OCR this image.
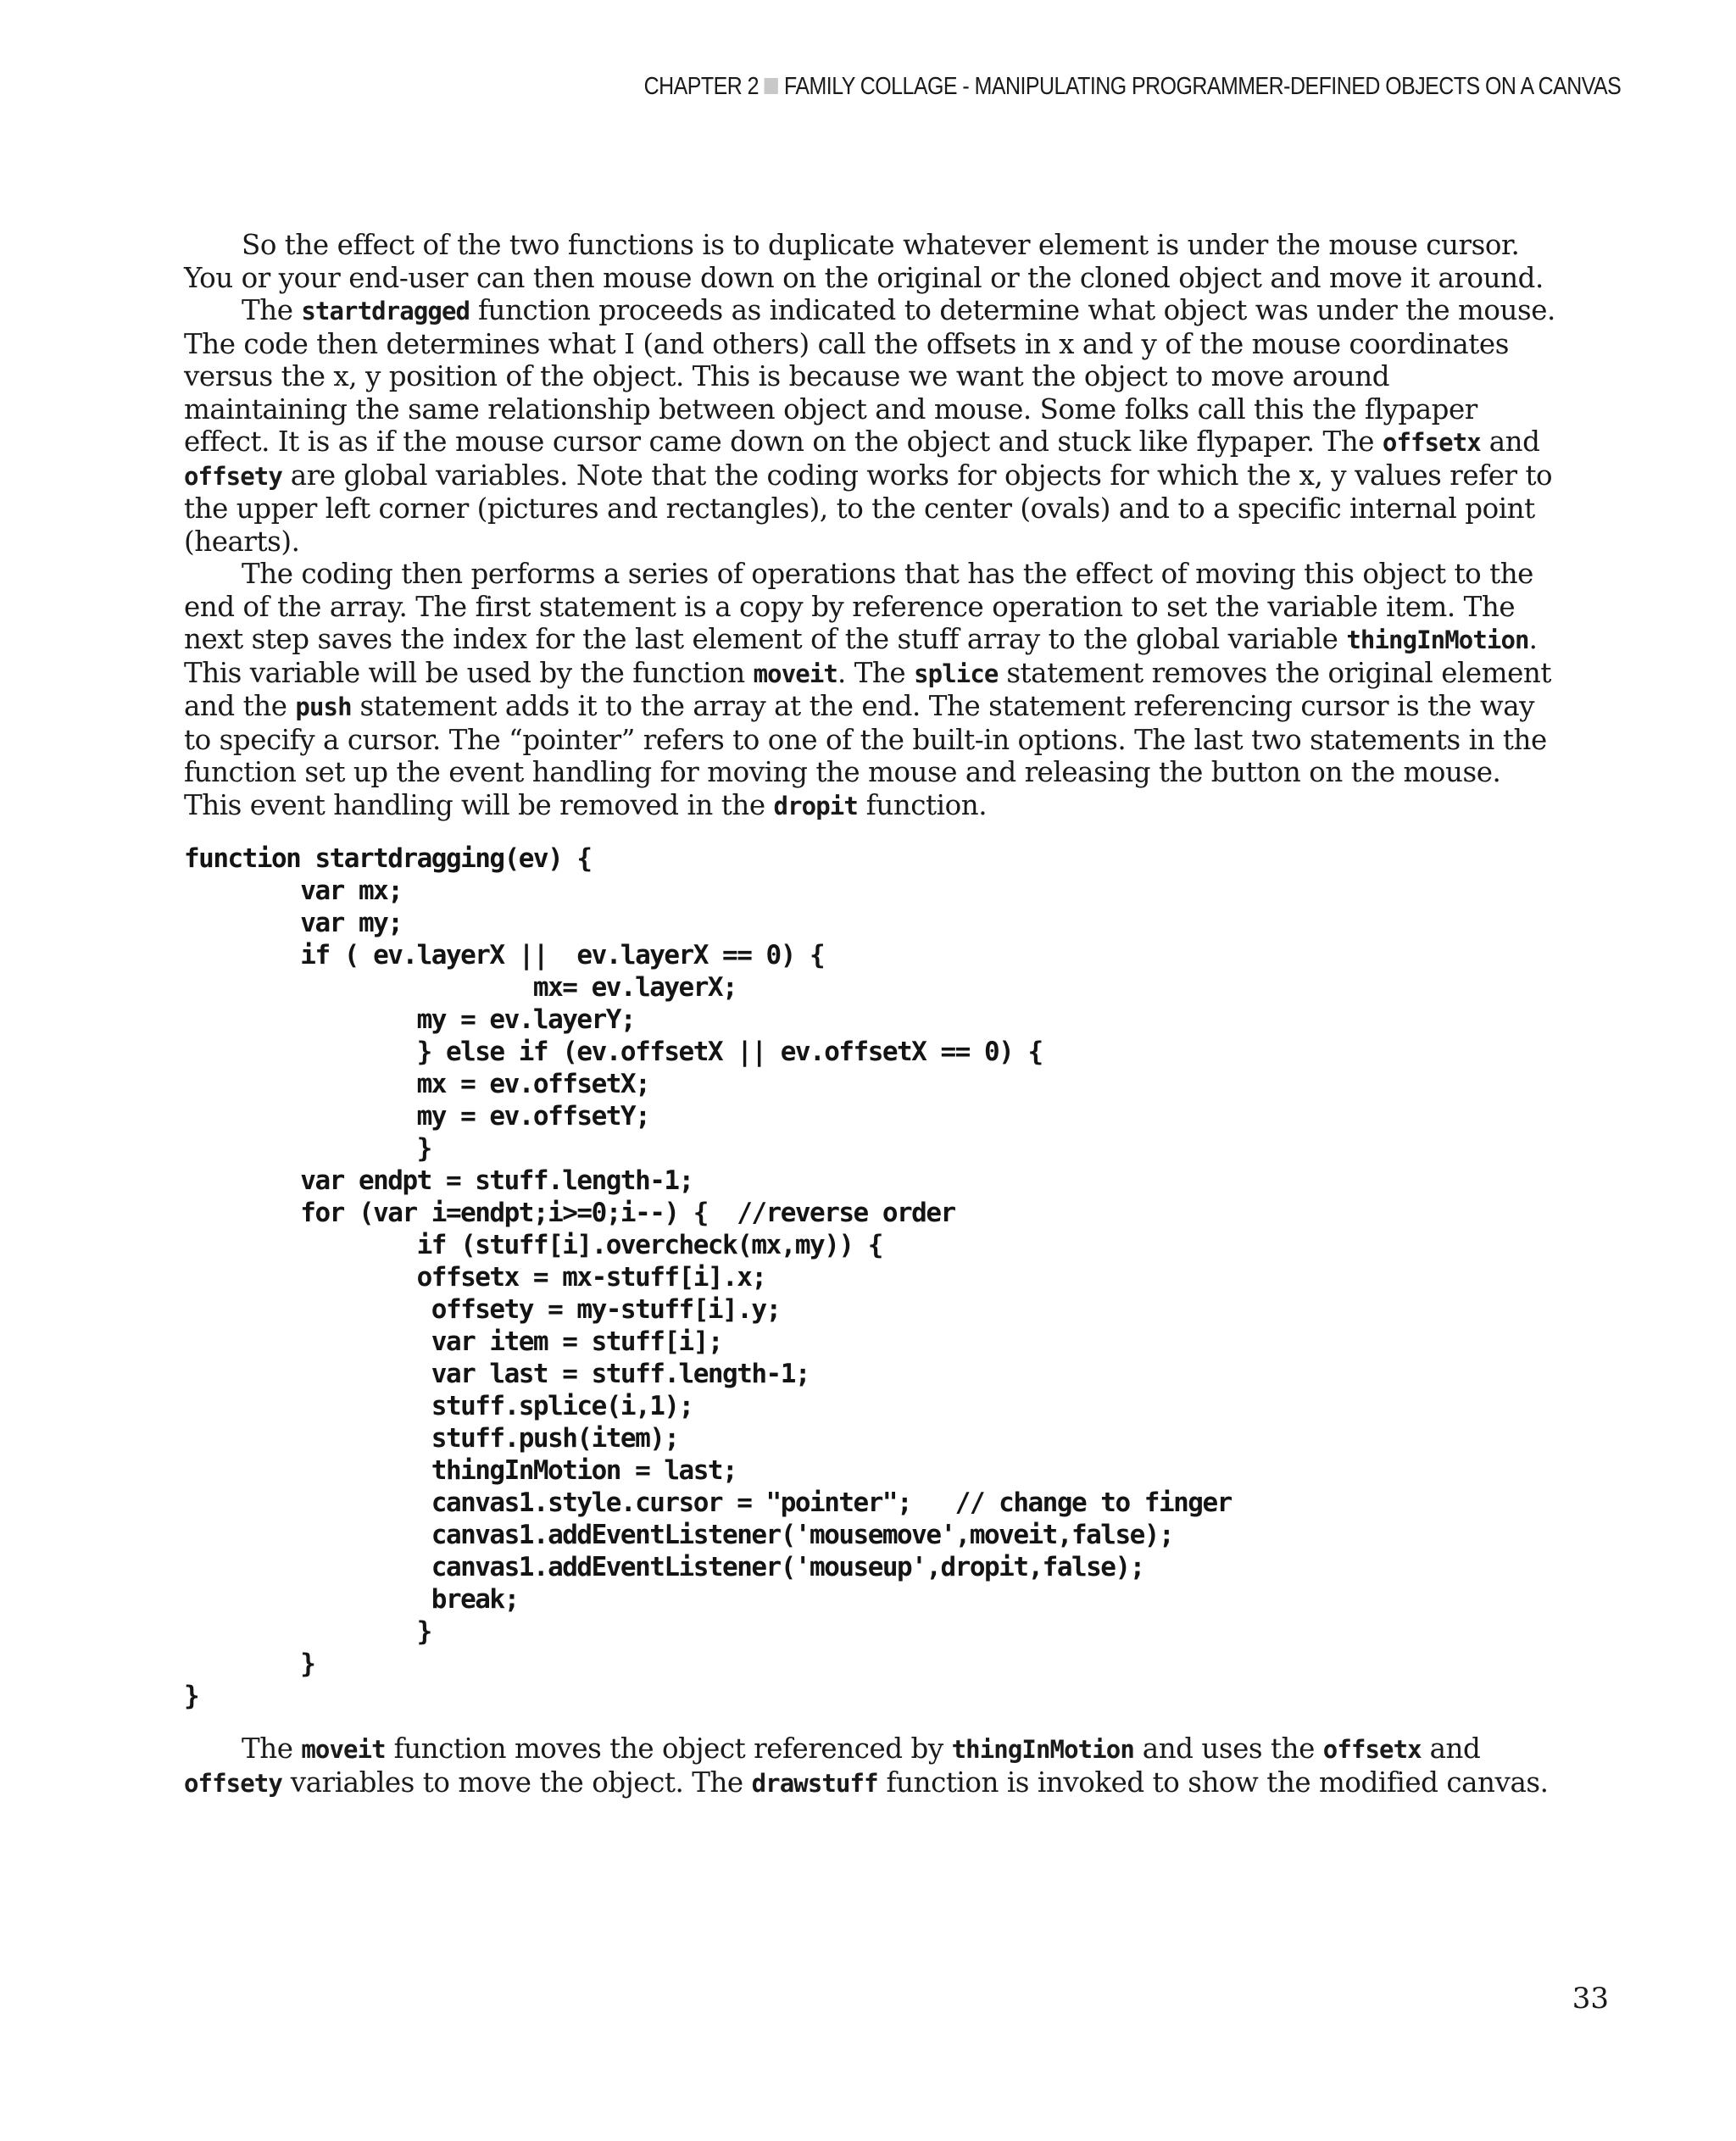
CHAPTER 2 FAMILY COLLAGE - MANIPULATING PROGRAMMER-DEFINED OBJECTS ON A CANVAS

So the effect of the two functions is to duplicate whatever element is under the mouse cursor. You or your end-user can then mouse down on the original or the cloned object and move it around.

The startdragged function proceeds as indicated to determine what object was under the mouse. The code then determines what I (and others) call the offsets in x and y of the mouse coordinates versus the x, y position of the object. This is because we want the object to move around maintaining the same relationship between object and mouse. Some folks call this the flypaper effect. It is as if the mouse cursor came down on the object and stuck like flypaper. The offsetx and offsety are global variables. Note that the coding works for objects for which the x, y values refer to the upper left corner (pictures and rectangles), to the center (ovals) and to a specific internal point (hearts).

The coding then performs a series of operations that has the effect of moving this object to the end of the array. The first statement is a copy by reference operation to set the variable item. The next step saves the index for the last element of the stuff array to the global variable thingInMotion. This variable will be used by the function moveit. The splice statement removes the original element and the push statement adds it to the array at the end. The statement referencing cursor is the way to specify a cursor. The “pointer” refers to one of the built-in options. The last two statements in the function set up the event handling for moving the mouse and releasing the button on the mouse. This event handling will be removed in the dropit function.

function startdragging(ev) {
var mx;
var my;
if ( ev.layerX ||  ev.layerX == 0) {
mx= ev.layerX;
my = ev.layerY;
} else if (ev.offsetX || ev.offsetX == 0) {
mx = ev.offsetX;
my = ev.offsetY;
}
var endpt = stuff.length-1;
for (var i=endpt;i>=0;i--) {  //reverse order
if (stuff[i].overcheck(mx,my)) {
offsetx = mx-stuff[i].x;
offsety = my-stuff[i].y;
var item = stuff[i];
var last = stuff.length-1;
stuff.splice(i,1);
stuff.push(item);
thingInMotion = last;
canvas1.style.cursor = "pointer";   // change to finger
canvas1.addEventListener('mousemove',moveit,false);
canvas1.addEventListener('mouseup',dropit,false);
break;
}
}
}

The moveit function moves the object referenced by thingInMotion and uses the offsetx and offsety variables to move the object. The drawstuff function is invoked to show the modified canvas.

33
